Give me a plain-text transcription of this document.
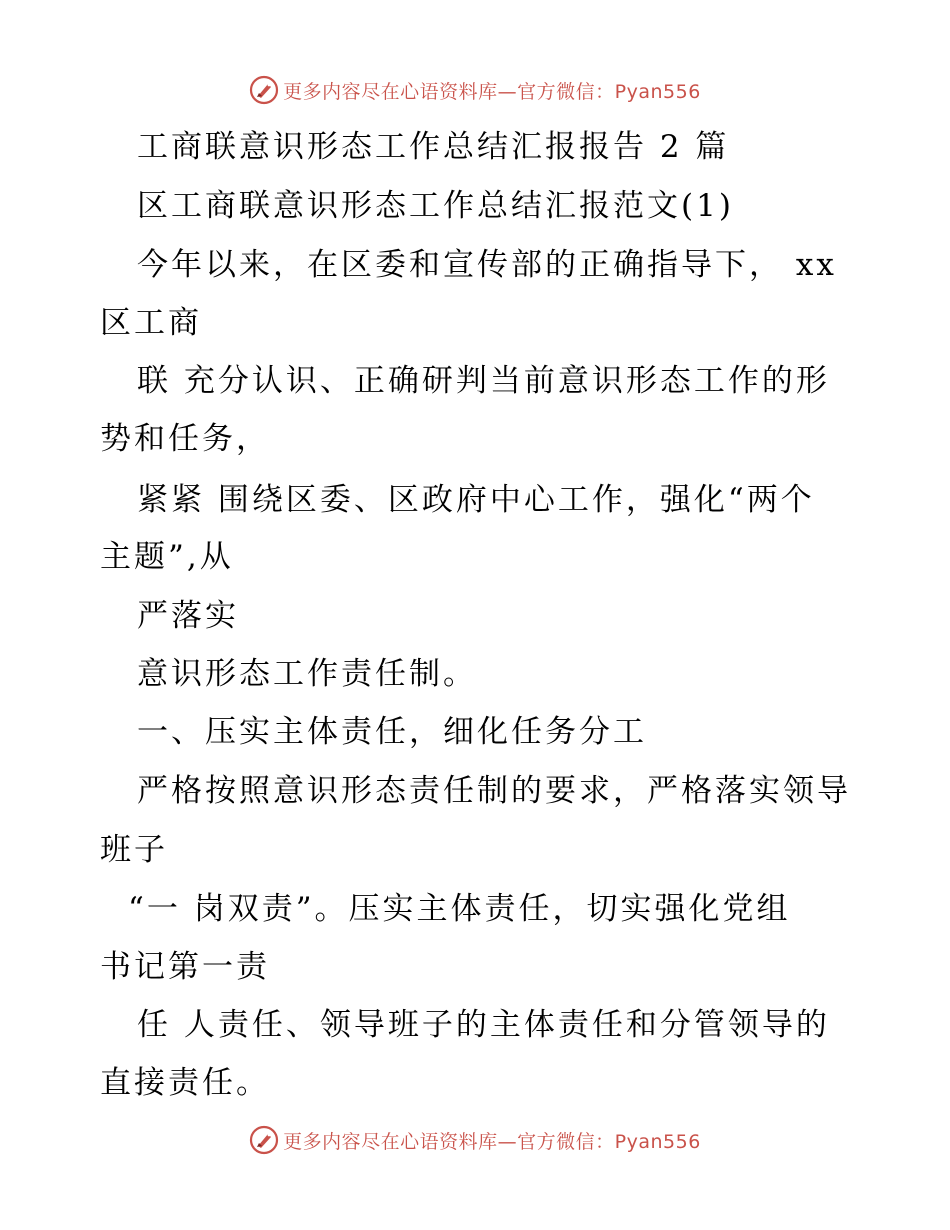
更多内容尽在心语资料库—官方微信：Pyan556
工商联意识形态工作总结汇报报告 2 篇
区工商联意识形态工作总结汇报范文(1)
今年以来，在区委和宣传部的正确指导下， xx
区工商
联 充分认识、正确研判当前意识形态工作的形
势和任务，
紧紧 围绕区委、区政府中心工作，强化“两个
主题”,从
严落实
意识形态工作责任制。
一、压实主体责任，细化任务分工
严格按照意识形态责任制的要求，严格落实领导
班子
“一 岗双责”。压实主体责任，切实强化党组
书记第一责
任 人责任、领导班子的主体责任和分管领导的
直接责任。
更多内容尽在心语资料库—官方微信：Pyan556
